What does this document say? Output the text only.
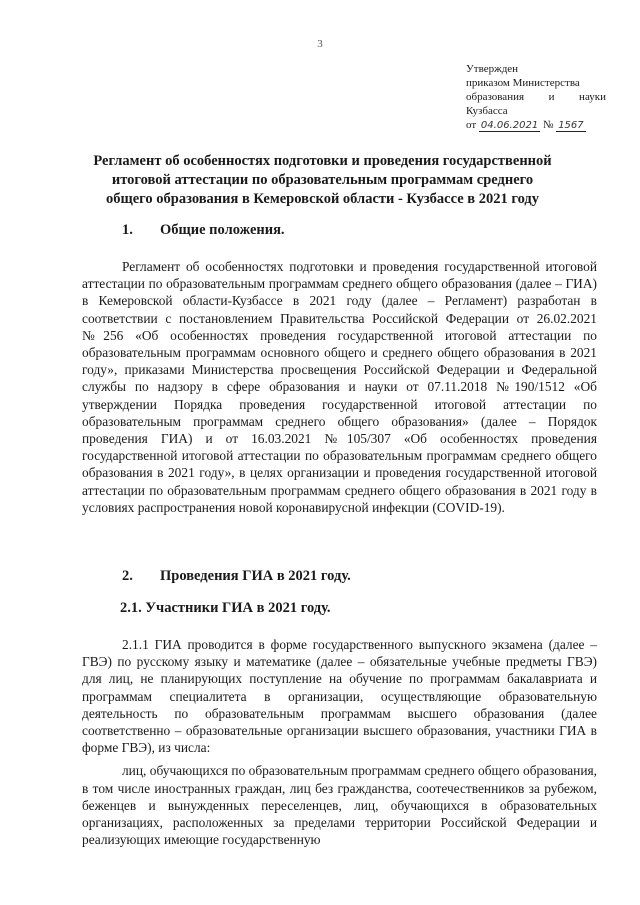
3
Утвержден
приказом Министерства
образования и науки
Кузбасса
от 04.06.2021 № 1567
Регламент об особенностях подготовки и проведения государственной итоговой аттестации по образовательным программам среднего общего образования в Кемеровской области - Кузбассе в 2021 году
1. Общие положения.

Регламент об особенностях подготовки и проведения государственной итоговой аттестации по образовательным программам среднего общего образования (далее – ГИА) в Кемеровской области-Кузбассе в 2021 году (далее – Регламент) разработан в соответствии с постановлением Правительства Российской Федерации от 26.02.2021 №256 «Об особенностях проведения государственной итоговой аттестации по образовательным программам основного общего и среднего общего образования в 2021 году», приказами Министерства просвещения Российской Федерации и Федеральной службы по надзору в сфере образования и науки от 07.11.2018 №190/1512 «Об утверждении Порядка проведения государственной итоговой аттестации по образовательным программам среднего общего образования» (далее – Порядок проведения ГИА) и от 16.03.2021 №105/307 «Об особенностях проведения государственной итоговой аттестации по образовательным программам среднего общего образования в 2021 году», в целях организации и проведения государственной итоговой аттестации по образовательным программам среднего общего образования в 2021 году в условиях распространения новой коронавирусной инфекции (COVID-19).

2. Проведения ГИА в 2021 году.
2.1. Участники ГИА в 2021 году.

2.1.1 ГИА проводится в форме государственного выпускного экзамена (далее – ГВЭ) по русскому языку и математике (далее – обязательные учебные предметы ГВЭ) для лиц, не планирующих поступление на обучение по программам бакалавриата и программам специалитета в организации, осуществляющие образовательную деятельность по образовательным программам высшего образования (далее соответственно – образовательные организации высшего образования, участники ГИА в форме ГВЭ), из числа:

лиц, обучающихся по образовательным программам среднего общего образования, в том числе иностранных граждан, лиц без гражданства, соотечественников за рубежом, беженцев и вынужденных переселенцев, лиц, обучающихся в образовательных организациях, расположенных за пределами территории Российской Федерации и реализующих имеющие государственную
